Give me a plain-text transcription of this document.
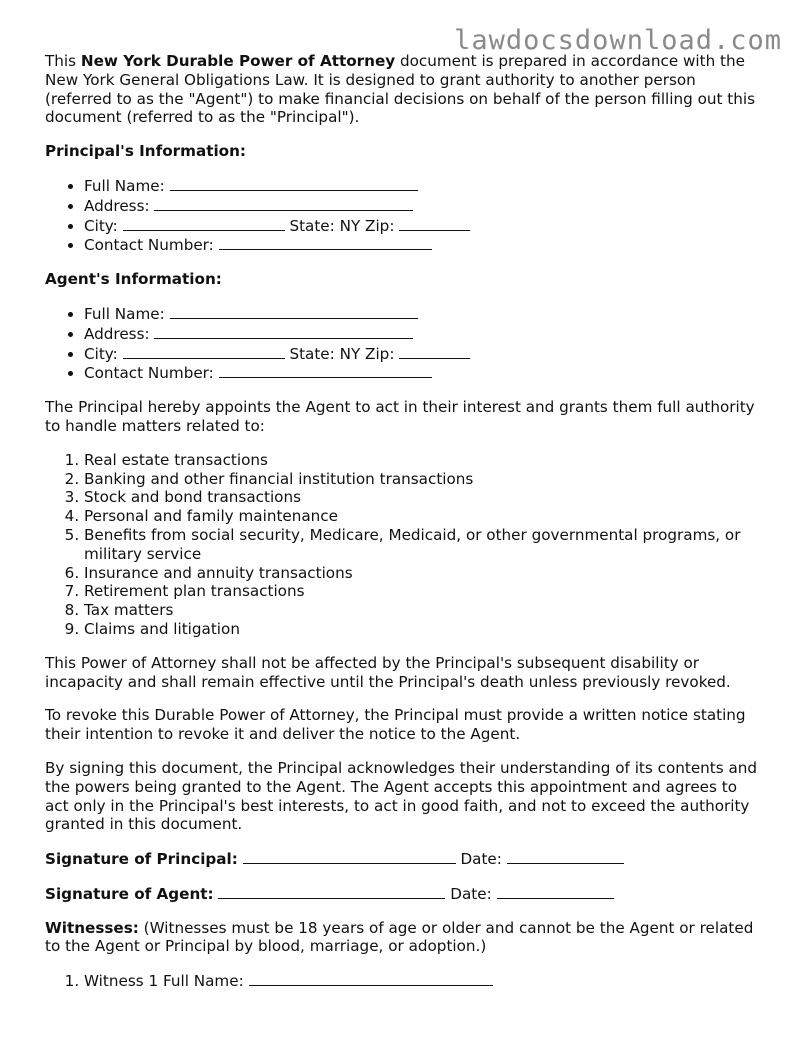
lawdocsdownload.com

This New York Durable Power of Attorney document is prepared in accordance with the New York General Obligations Law. It is designed to grant authority to another person (referred to as the "Agent") to make financial decisions on behalf of the person filling out this document (referred to as the "Principal").

Principal's Information:
• Full Name:
• Address:
• City:	State: NY Zip:
• Contact Number:
Agent's Information:
• Full Name:
• Address:
• City:	State: NY Zip:
• Contact Number:

The Principal hereby appoints the Agent to act in their interest and grants them full authority to handle matters related to:

1. Real estate transactions
2. Banking and other financial institution transactions
3. Stock and bond transactions
4. Personal and family maintenance
5. Benefits from social security, Medicare, Medicaid, or other governmental programs, or military service
6. Insurance and annuity transactions
7. Retirement plan transactions
8. Tax matters
9. Claims and litigation

This Power of Attorney shall not be affected by the Principal's subsequent disability or incapacity and shall remain effective until the Principal's death unless previously revoked.

To revoke this Durable Power of Attorney, the Principal must provide a written notice stating their intention to revoke it and deliver the notice to the Agent.

By signing this document, the Principal acknowledges their understanding of its contents and the powers being granted to the Agent. The Agent accepts this appointment and agrees to act only in the Principal's best interests, to act in good faith, and not to exceed the authority granted in this document.

Signature of Principal:	Date:
Signature of Agent:	Date:

Witnesses: (Witnesses must be 18 years of age or older and cannot be the Agent or related to the Agent or Principal by blood, marriage, or adoption.)

1. Witness 1 Full Name:
